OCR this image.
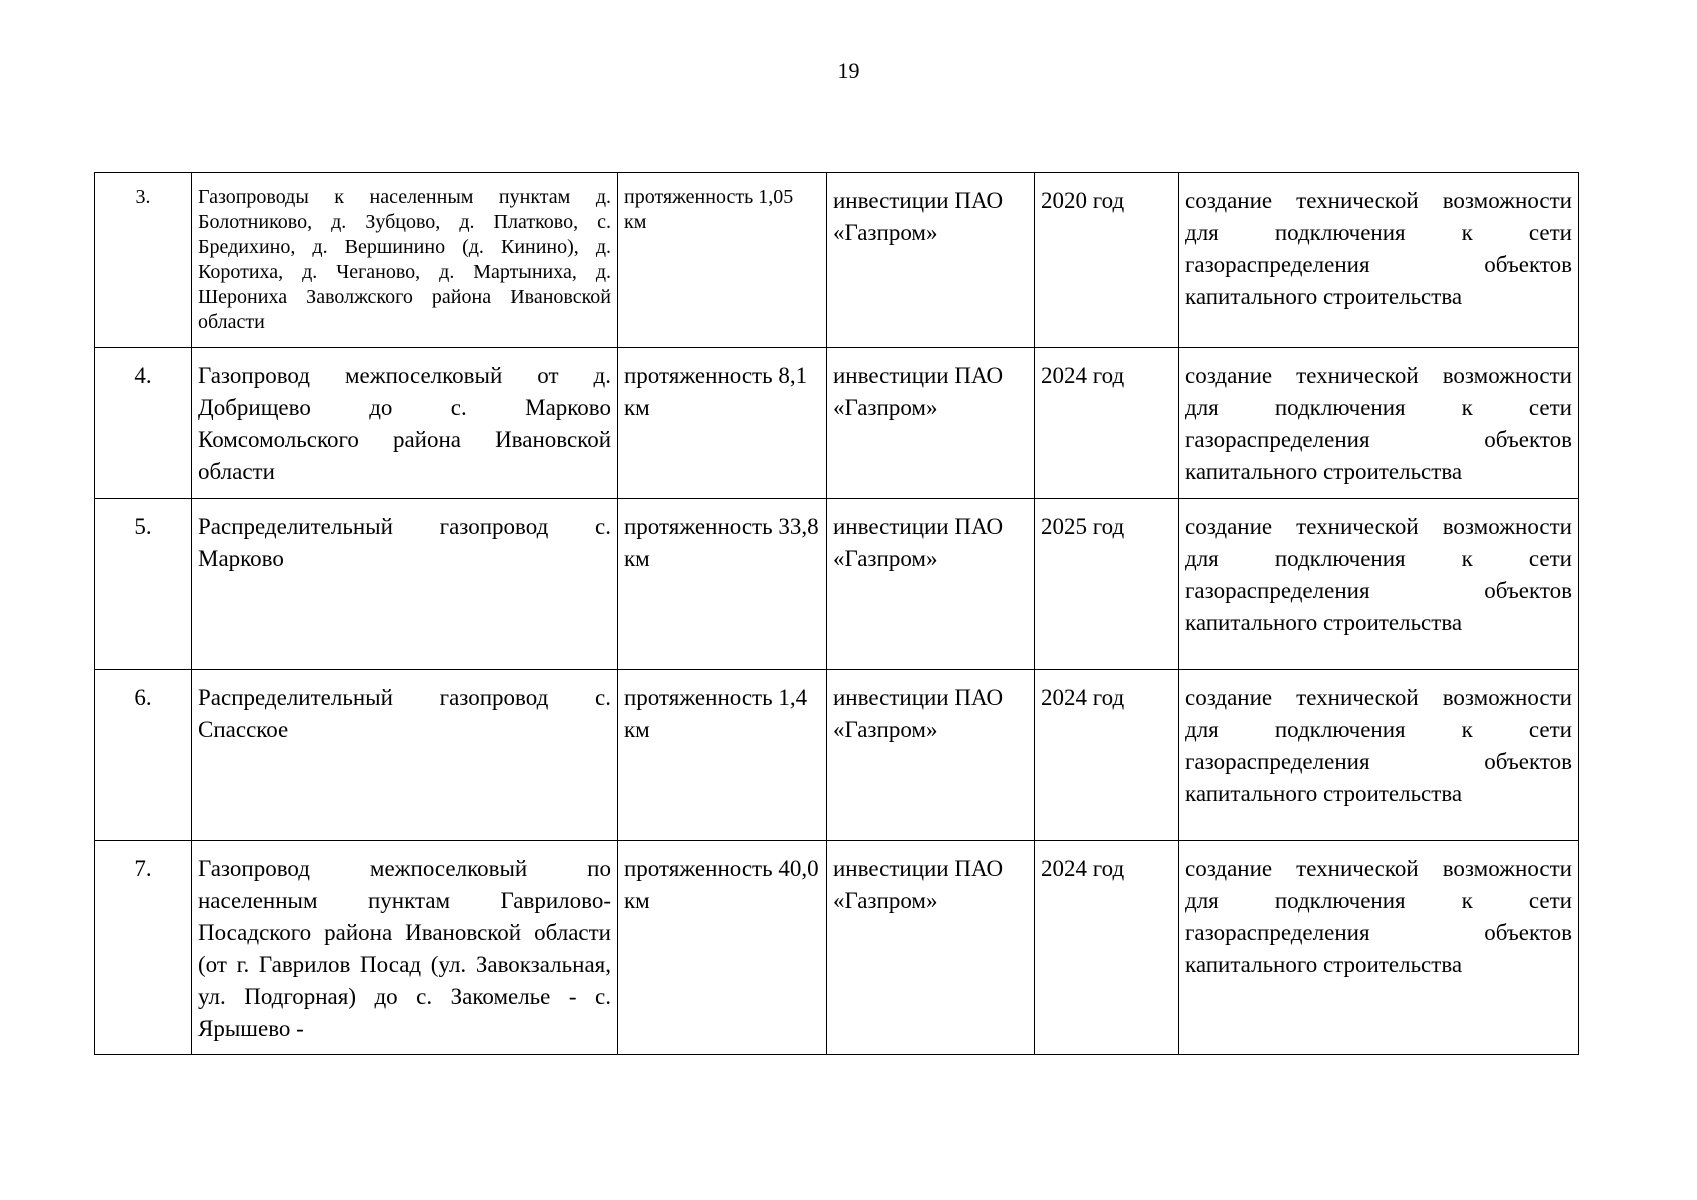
19
3.	Газопроводы к населенным пунктам д. Болотниково, д. Зубцово, д. Платково, с. Бредихино, д. Вершинино (д. Кинино), д. Коротиха, д. Чеганово, д. Мартыниха, д. Шерониха Заволжского района Ивановской области	протяженность 1,05 км	инвестиции ПАО «Газпром»	2020 год	создание технической возможности для подключения к сети газораспределения объектов капитального строительства
4.	Газопровод межпоселковый от д. Добрищево до с. Марково Комсомольского района Ивановской области	протяженность 8,1 км	инвестиции ПАО «Газпром»	2024 год	создание технической возможности для подключения к сети газораспределения объектов капитального строительства
5.	Распределительный газопровод с. Марково	протяженность 33,8 км	инвестиции ПАО «Газпром»	2025 год	создание технической возможности для подключения к сети газораспределения объектов капитального строительства
6.	Распределительный газопровод с. Спасское	протяженность 1,4 км	инвестиции ПАО «Газпром»	2024 год	создание технической возможности для подключения к сети газораспределения объектов капитального строительства
7.	Газопровод межпоселковый по населенным пунктам Гаврилово-Посадского района Ивановской области (от г. Гаврилов Посад (ул. Завокзальная, ул. Подгорная) до с. Закомелье - с. Ярышево -	протяженность 40,0 км	инвестиции ПАО «Газпром»	2024 год	создание технической возможности для подключения к сети газораспределения объектов капитального строительства
